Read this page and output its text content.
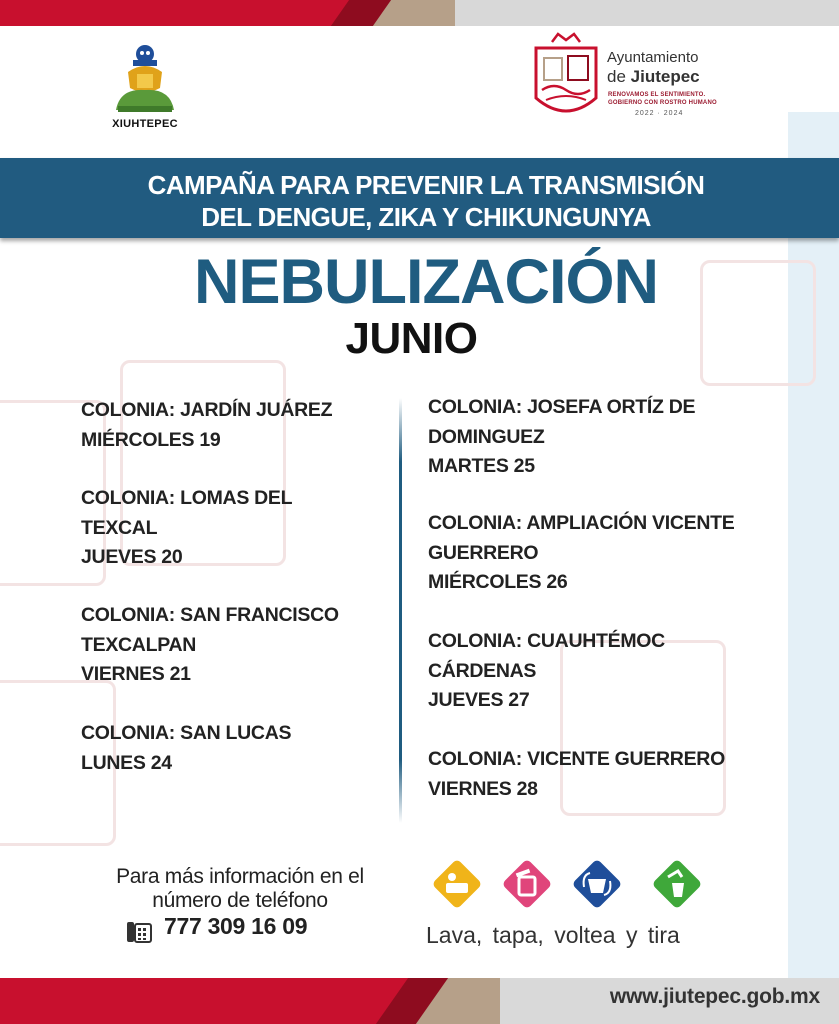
XIUHTEPEC
Ayuntamiento
de Jiutepec
RENOVAMOS EL SENTIMIENTO.
GOBIERNO CON ROSTRO HUMANO
2022 · 2024
CAMPAÑA PARA PREVENIR LA TRANSMISIÓN
DEL DENGUE, ZIKA Y CHIKUNGUNYA
NEBULIZACIÓN
JUNIO
COLONIA: JARDÍN JUÁREZ
MIÉRCOLES 19
COLONIA: LOMAS DEL
TEXCAL
JUEVES 20
COLONIA: SAN FRANCISCO
TEXCALPAN
VIERNES 21
COLONIA: SAN LUCAS
LUNES 24
COLONIA: JOSEFA ORTÍZ DE
DOMINGUEZ
MARTES 25
COLONIA: AMPLIACIÓN VICENTE
GUERRERO
MIÉRCOLES 26
COLONIA: CUAUHTÉMOC
CÁRDENAS
JUEVES 27
COLONIA: VICENTE GUERRERO
VIERNES 28
Para más información en el
número de teléfono
777 309 16 09	Lava, tapa, voltea y tira
www.jiutepec.gob.mx
